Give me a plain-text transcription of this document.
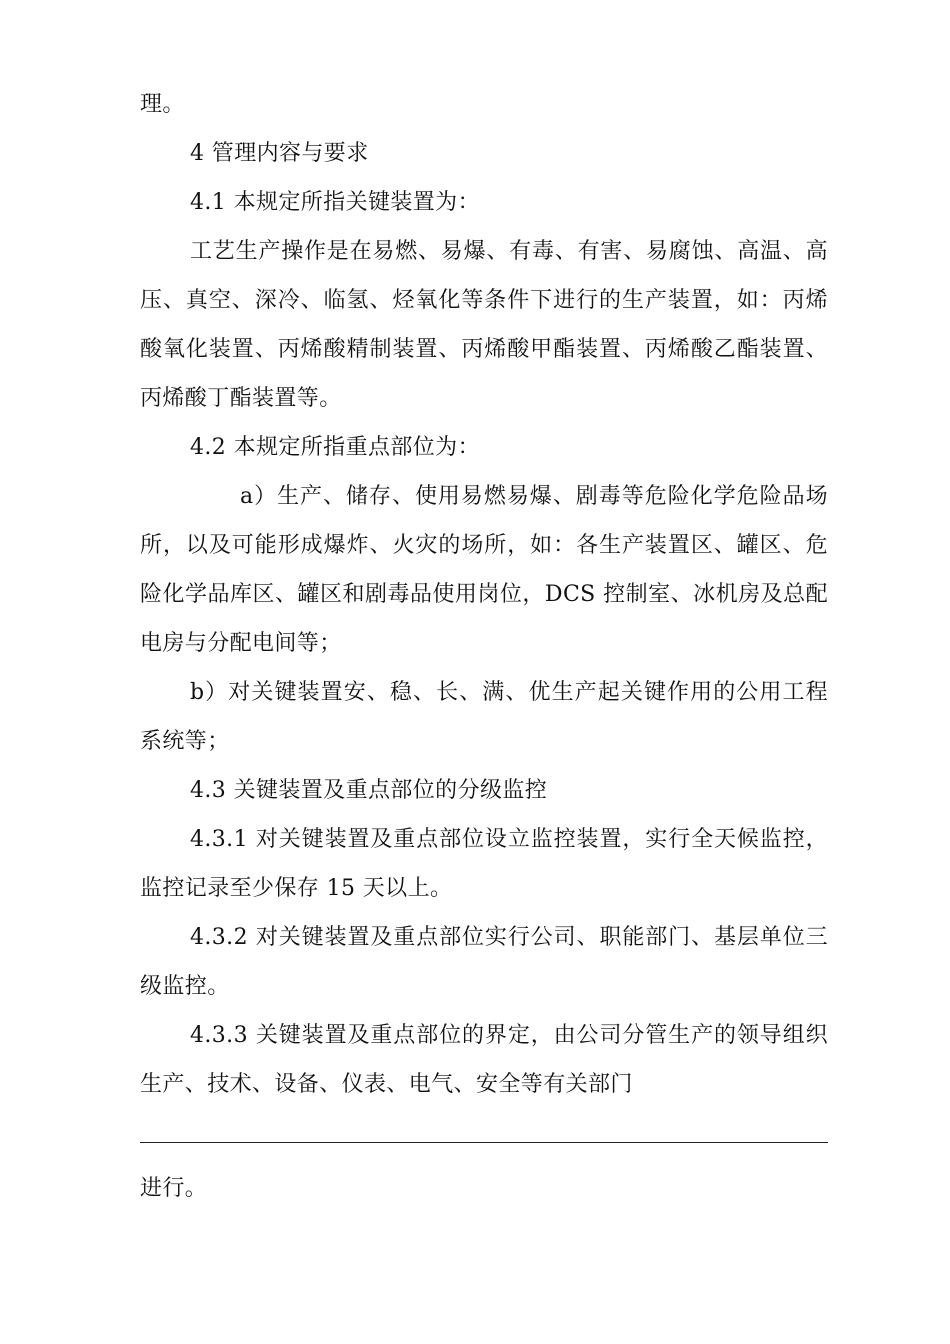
理。

4 管理内容与要求

4.1 本规定所指关键装置为：

工艺生产操作是在易燃、易爆、有毒、有害、易腐蚀、高温、高压、真空、深冷、临氢、烃氧化等条件下进行的生产装置，如：丙烯酸氧化装置、丙烯酸精制装置、丙烯酸甲酯装置、丙烯酸乙酯装置、丙烯酸丁酯装置等。

4.2 本规定所指重点部位为：

a）生产、储存、使用易燃易爆、剧毒等危险化学危险品场所，以及可能形成爆炸、火灾的场所，如：各生产装置区、罐区、危险化学品库区、罐区和剧毒品使用岗位，DCS 控制室、冰机房及总配电房与分配电间等；

b）对关键装置安、稳、长、满、优生产起关键作用的公用工程系统等；

4.3 关键装置及重点部位的分级监控

4.3.1 对关键装置及重点部位设立监控装置，实行全天候监控，监控记录至少保存 15 天以上。

4.3.2 对关键装置及重点部位实行公司、职能部门、基层单位三级监控。

4.3.3 关键装置及重点部位的界定，由公司分管生产的领导组织生产、技术、设备、仪表、电气、安全等有关部门

进行。
